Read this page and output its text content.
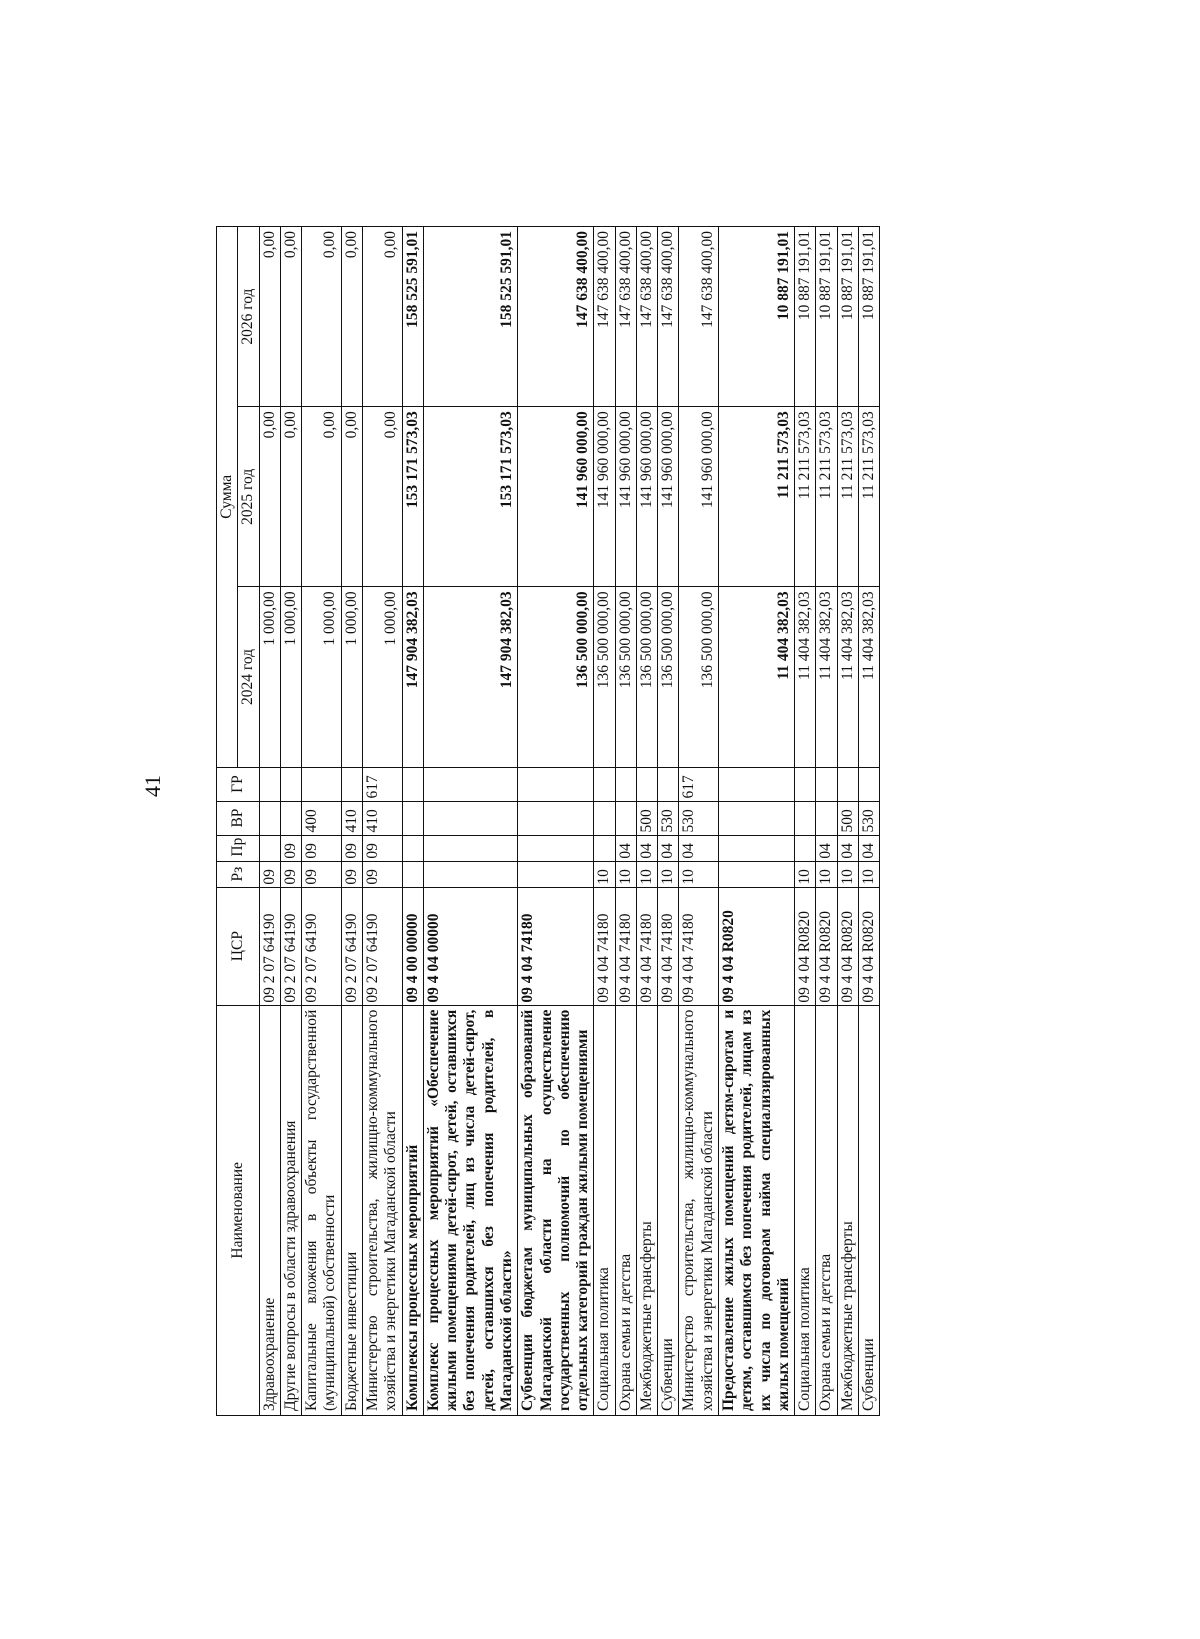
41
Наименование	ЦСР	Рз	Пр	ВР	ГР	Сумма		
						2024 год	2025 год	2026 год
Здравоохранение	09 2 07 64190	09				1 000,00	0,00	0,00
Другие вопросы в области здравоохранения	09 2 07 64190	09	09			1 000,00	0,00	0,00
Капитальные вложения в объекты государственной (муниципальной) собственности	09 2 07 64190	09	09	400		1 000,00	0,00	0,00
Бюджетные инвестиции	09 2 07 64190	09	09	410		1 000,00	0,00	0,00
Министерство строительства, жилищно-коммунального хозяйства и энергетики Магаданской области	09 2 07 64190	09	09	410	617	1 000,00	0,00	0,00
Комплексы процессных мероприятий	09 4 00 00000					147 904 382,03	153 171 573,03	158 525 591,01
Комплекс процессных мероприятий «Обеспечение жилыми помещениями детей-сирот, детей, оставшихся без попечения родителей, лиц из числа детей-сирот, детей, оставшихся без попечения родителей, в Магаданской области»	09 4 04 00000					147 904 382,03	153 171 573,03	158 525 591,01
Субвенции бюджетам муниципальных образований Магаданской области на осуществление государственных полномочий по обеспечению отдельных категорий граждан жилыми помещениями	09 4 04 74180					136 500 000,00	141 960 000,00	147 638 400,00
Социальная политика	09 4 04 74180	10				136 500 000,00	141 960 000,00	147 638 400,00
Охрана семьи и детства	09 4 04 74180	10	04			136 500 000,00	141 960 000,00	147 638 400,00
Межбюджетные трансферты	09 4 04 74180	10	04	500		136 500 000,00	141 960 000,00	147 638 400,00
Субвенции	09 4 04 74180	10	04	530		136 500 000,00	141 960 000,00	147 638 400,00
Министерство строительства, жилищно-коммунального хозяйства и энергетики Магаданской области	09 4 04 74180	10	04	530	617	136 500 000,00	141 960 000,00	147 638 400,00
Предоставление жилых помещений детям-сиротам и детям, оставшимся без попечения родителей, лицам из их числа по договорам найма специализированных жилых помещений	09 4 04 R0820					11 404 382,03	11 211 573,03	10 887 191,01
Социальная политика	09 4 04 R0820	10				11 404 382,03	11 211 573,03	10 887 191,01
Охрана семьи и детства	09 4 04 R0820	10	04			11 404 382,03	11 211 573,03	10 887 191,01
Межбюджетные трансферты	09 4 04 R0820	10	04	500		11 404 382,03	11 211 573,03	10 887 191,01
Субвенции	09 4 04 R0820	10	04	530		11 404 382,03	11 211 573,03	10 887 191,01
